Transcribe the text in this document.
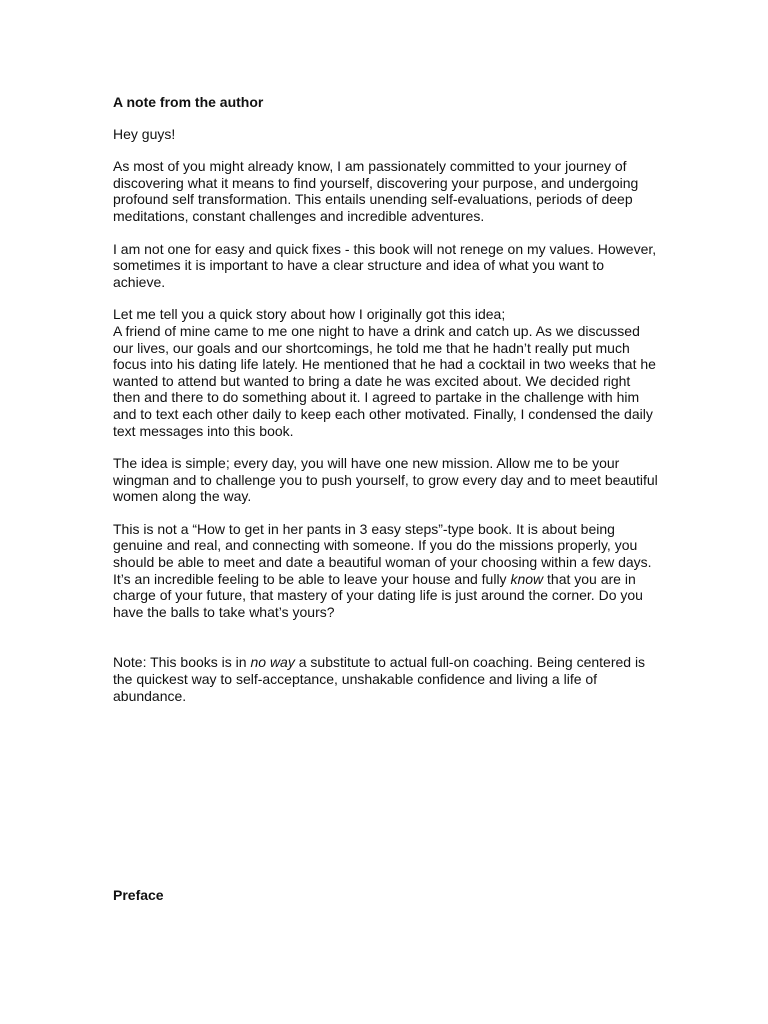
A note from the author

Hey guys!

As most of you might already know, I am passionately committed to your journey of discovering what it means to find yourself, discovering your purpose, and undergoing profound self transformation. This entails unending self-evaluations, periods of deep meditations, constant challenges and incredible adventures.

I am not one for easy and quick fixes - this book will not renege on my values. However, sometimes it is important to have a clear structure and idea of what you want to achieve.

Let me tell you a quick story about how I originally got this idea;
A friend of mine came to me one night to have a drink and catch up. As we discussed our lives, our goals and our shortcomings, he told me that he hadn’t really put much focus into his dating life lately. He mentioned that he had a cocktail in two weeks that he wanted to attend but wanted to bring a date he was excited about. We decided right then and there to do something about it. I agreed to partake in the challenge with him and to text each other daily to keep each other motivated. Finally, I condensed the daily text messages into this book.

The idea is simple; every day, you will have one new mission. Allow me to be your wingman and to challenge you to push yourself, to grow every day and to meet beautiful women along the way.

This is not a “How to get in her pants in 3 easy steps”-type book. It is about being genuine and real, and connecting with someone. If you do the missions properly, you should be able to meet and date a beautiful woman of your choosing within a few days. It’s an incredible feeling to be able to leave your house and fully know that you are in charge of your future, that mastery of your dating life is just around the corner. Do you have the balls to take what’s yours?

Note: This books is in no way a substitute to actual full-on coaching. Being centered is the quickest way to self-acceptance, unshakable confidence and living a life of abundance.

Preface
